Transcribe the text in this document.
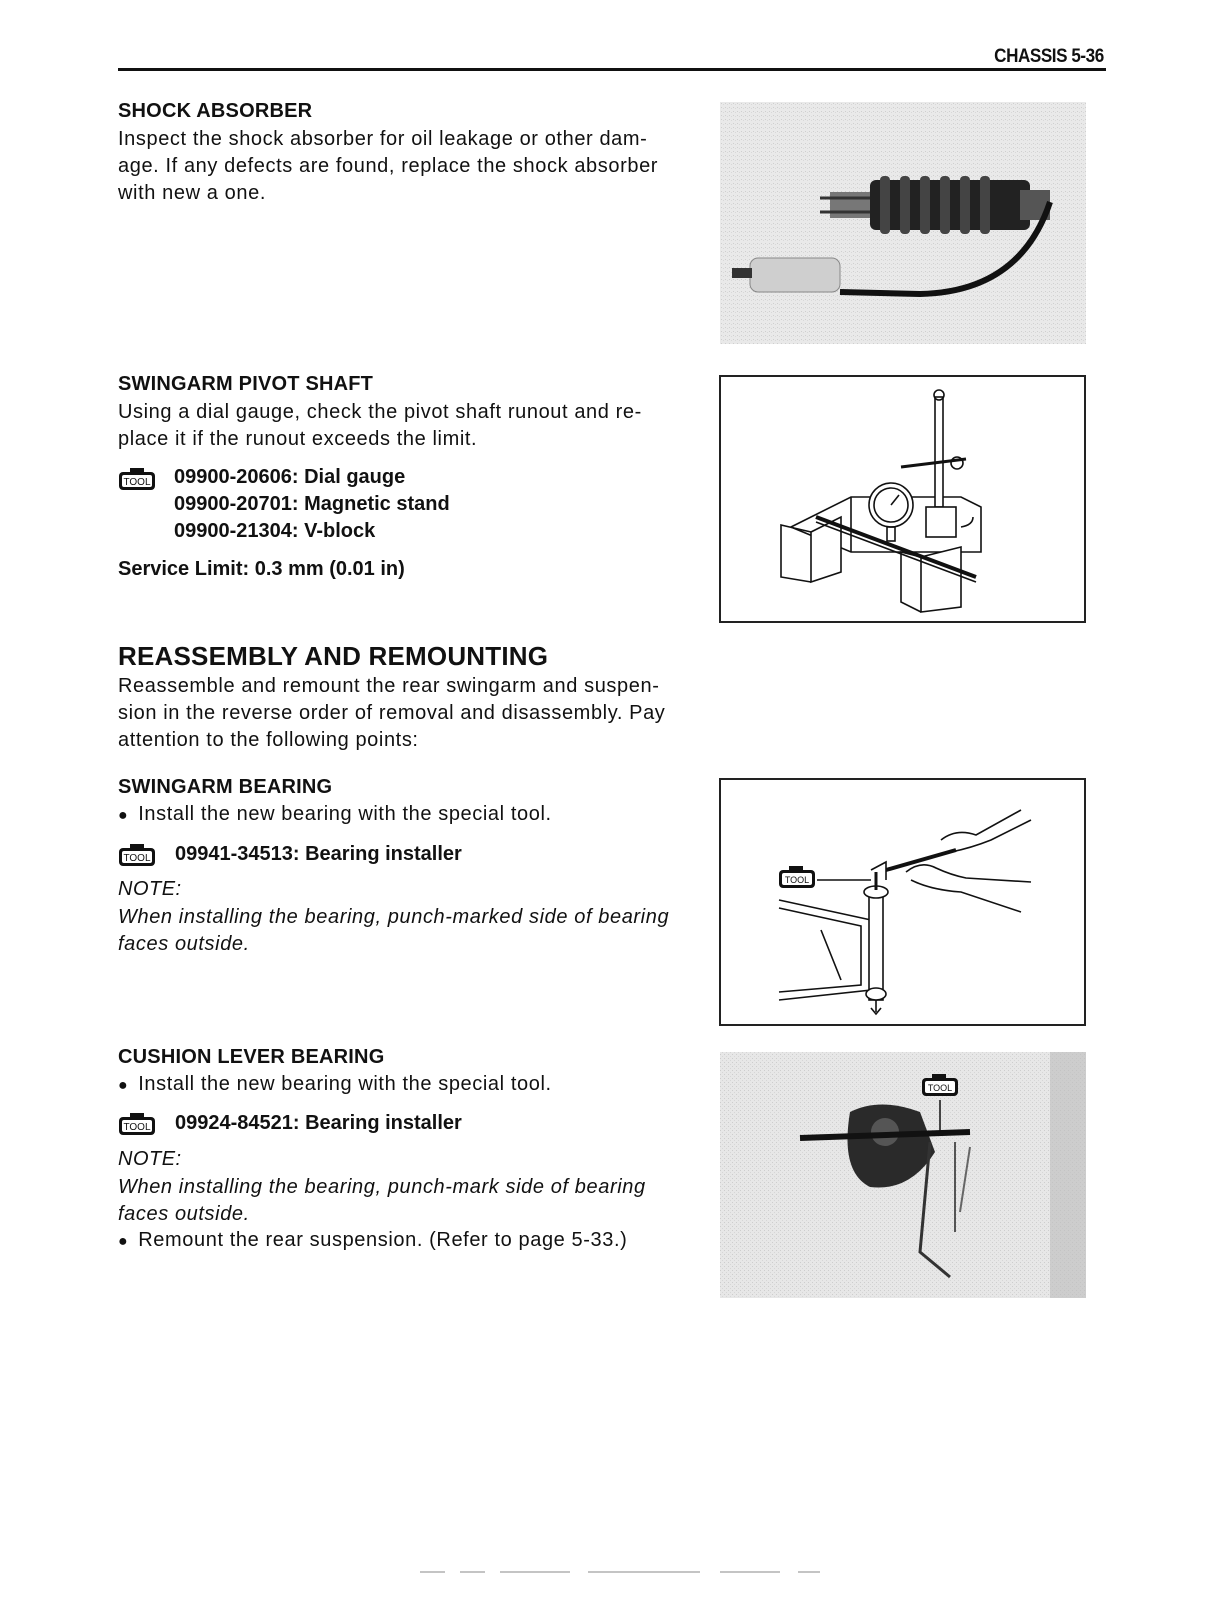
CHASSIS 5-36
SHOCK ABSORBER
Inspect the shock absorber for oil leakage or other dam-
age. If any defects are found, replace the shock absorber
with new a one.
SWINGARM PIVOT SHAFT
Using a dial gauge, check the pivot shaft runout and re-
place it if the runout exceeds the limit.
TOOL 09900-20606: Dial gauge
09900-20701: Magnetic stand
09900-21304: V-block
Service Limit: 0.3 mm (0.01 in)
REASSEMBLY AND REMOUNTING
Reassemble and remount the rear swingarm and suspen-
sion in the reverse order of removal and disassembly. Pay
attention to the following points:
SWINGARM BEARING
● Install the new bearing with the special tool.
TOOL 09941-34513: Bearing installer
NOTE:
When installing the bearing, punch-marked side of bearing
faces outside.
TOOL
CUSHION LEVER BEARING
● Install the new bearing with the special tool.
TOOL 09924-84521: Bearing installer
NOTE:
When installing the bearing, punch-mark side of bearing
faces outside.
● Remount the rear suspension. (Refer to page 5-33.)
TOOL
